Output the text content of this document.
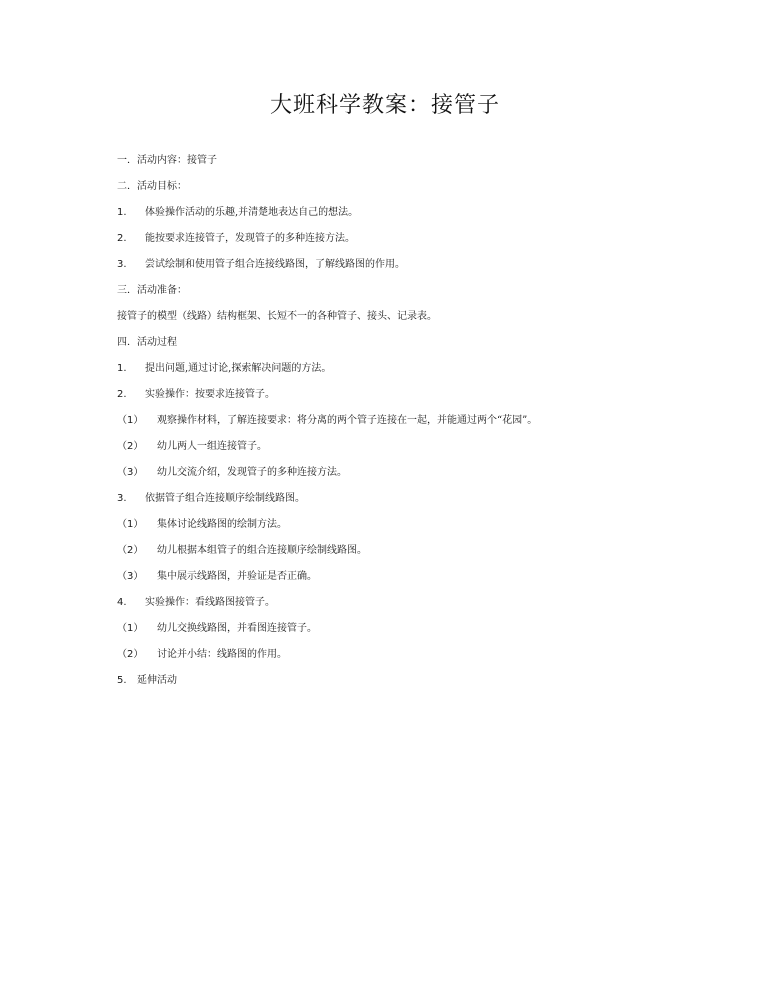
大班科学教案：接管子
一．活动内容：接管子
二．活动目标：
1.	体验操作活动的乐趣,并清楚地表达自己的想法。
2.	能按要求连接管子，发现管子的多种连接方法。
3.	尝试绘制和使用管子组合连接线路图，了解线路图的作用。
三．活动准备：
接管子的模型（线路）结构框架、长短不一的各种管子、接头、记录表。
四．活动过程
1.	提出问题,通过讨论,探索解决问题的方法。
2.	实验操作：按要求连接管子。
（1）	观察操作材料，了解连接要求：将分离的两个管子连接在一起，并能通过两个“花园”。
（2）	幼儿两人一组连接管子。
（3）	幼儿交流介绍，发现管子的多种连接方法。
3.	依据管子组合连接顺序绘制线路图。
（1）	集体讨论线路图的绘制方法。
（2）	幼儿根据本组管子的组合连接顺序绘制线路图。
（3）	集中展示线路图，并验证是否正确。
4.	实验操作：看线路图接管子。
（1）	幼儿交换线路图，并看图连接管子。
（2）	讨论并小结：线路图的作用。
5.	延伸活动
